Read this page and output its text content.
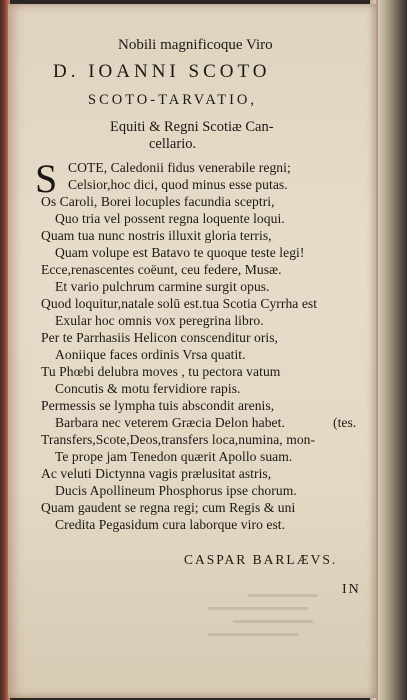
Nobili magnificoque Viro
D. IOANNI SCOTO
SCOTO-TARVATIO,
Equiti & Regni Scotiæ Can-
cellario.
S COTE, Caledonii fidus venerabile regni;
Celsior,hoc dici, quod minus esse putas.
Os Caroli, Borei locuples facundia sceptri,
Quo tria vel possent regna loquente loqui.
Quam tua nunc nostris illuxit gloria terris,
Quam volupe est Batavo te quoque teste legi!
Ecce,renascentes coëunt, ceu federe, Musæ.
Et vario pulchrum carmine surgit opus.
Quod loquitur,natale solū est.tua Scotia Cyrrha est
Exular hoc omnis vox peregrina libro.
Per te Parrhasiis Helicon conscenditur oris,
Aoniique faces ordinis Vrsa quatit.
Tu Phœbi delubra moves , tu pectora vatum
Concutis & motu fervidiore rapis.
Permessis se lympha tuis abscondit arenis,
Barbara nec veterem Græcia Delon habet.	(tes.
Transfers,Scote,Deos,transfers loca,numina, mon-
Te prope jam Tenedon quærit Apollo suam.
Ac veluti Dictynna vagis prælusitat astris,
Ducis Apollineum Phosphorus ipse chorum.
Quam gaudent se regna regi; cum Regis & uni
Credita Pegasidum cura laborque viro est.
CASPAR BARLÆVS.
IN
